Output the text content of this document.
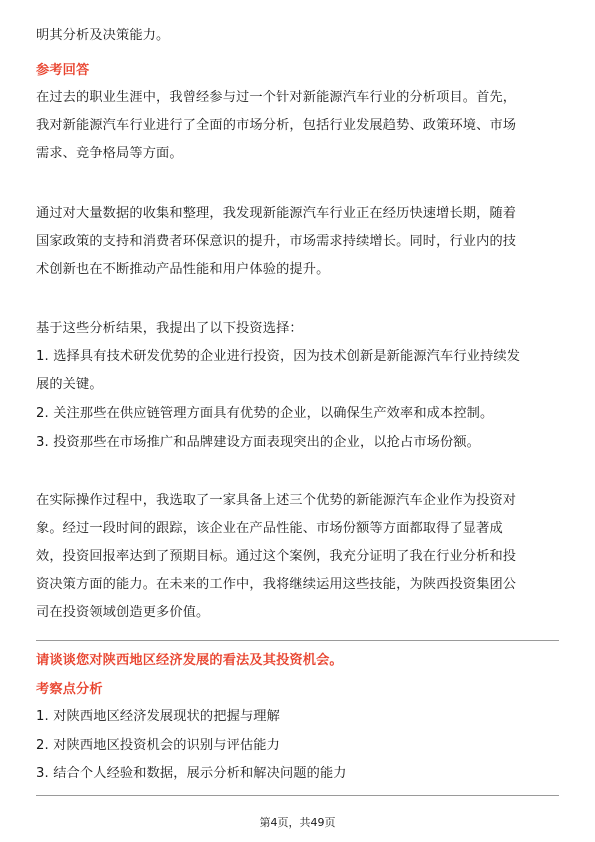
明其分析及决策能力。
参考回答
在过去的职业生涯中，我曾经参与过一个针对新能源汽车行业的分析项目。首先，
我对新能源汽车行业进行了全面的市场分析，包括行业发展趋势、政策环境、市场
需求、竞争格局等方面。
通过对大量数据的收集和整理，我发现新能源汽车行业正在经历快速增长期，随着
国家政策的支持和消费者环保意识的提升，市场需求持续增长。同时，行业内的技
术创新也在不断推动产品性能和用户体验的提升。
基于这些分析结果，我提出了以下投资选择：
1. 选择具有技术研发优势的企业进行投资，因为技术创新是新能源汽车行业持续发
展的关键。
2. 关注那些在供应链管理方面具有优势的企业，以确保生产效率和成本控制。
3. 投资那些在市场推广和品牌建设方面表现突出的企业，以抢占市场份额。
在实际操作过程中，我选取了一家具备上述三个优势的新能源汽车企业作为投资对
象。经过一段时间的跟踪，该企业在产品性能、市场份额等方面都取得了显著成
效，投资回报率达到了预期目标。通过这个案例，我充分证明了我在行业分析和投
资决策方面的能力。在未来的工作中，我将继续运用这些技能，为陕西投资集团公
司在投资领域创造更多价值。
请谈谈您对陕西地区经济发展的看法及其投资机会。
考察点分析
1. 对陕西地区经济发展现状的把握与理解
2. 对陕西地区投资机会的识别与评估能力
3. 结合个人经验和数据，展示分析和解决问题的能力
第4页，共49页
